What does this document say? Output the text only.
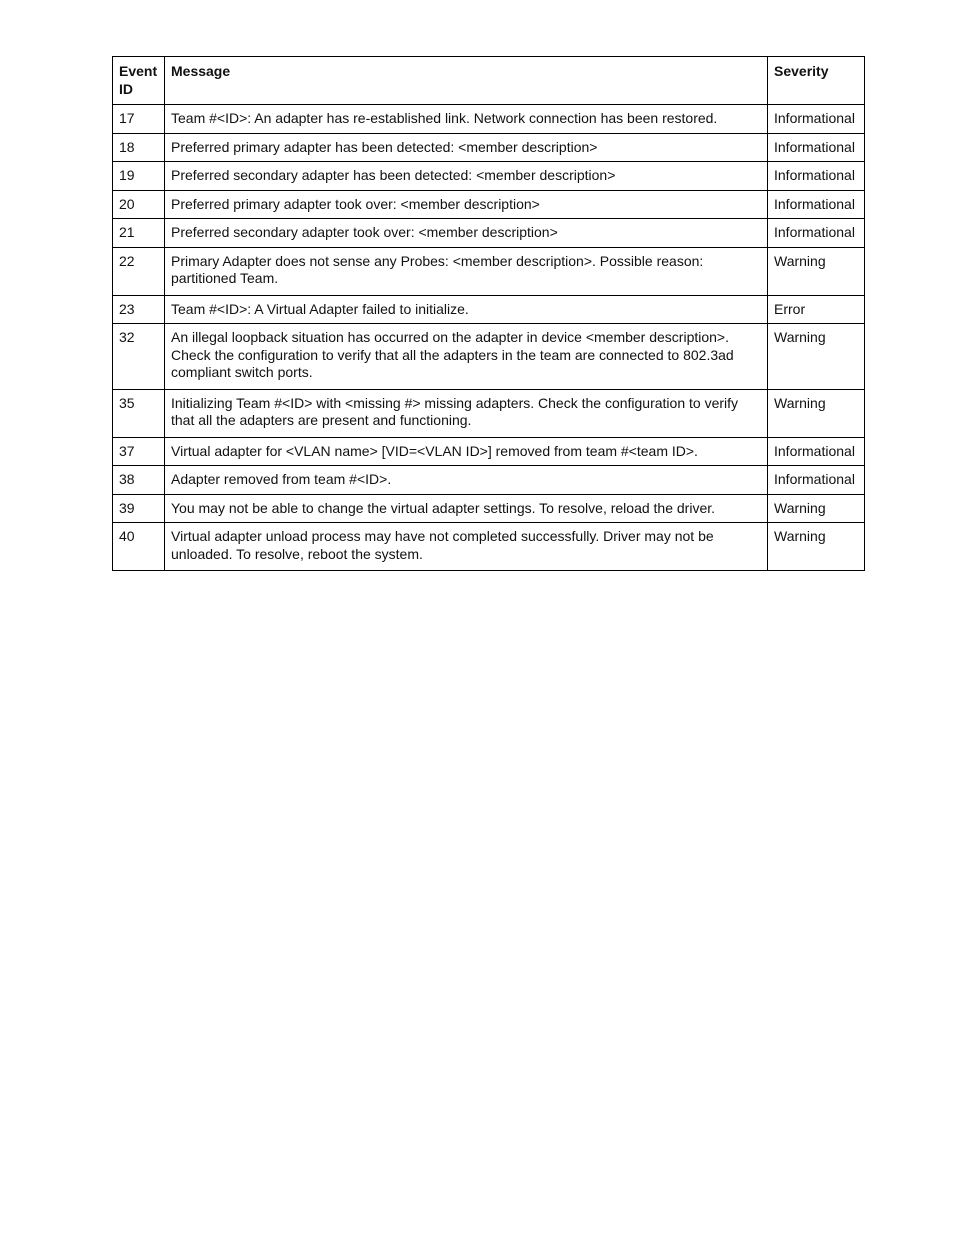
Event ID	Message	Severity
17	Team #<ID>: An adapter has re-established link. Network connection has been restored.	Informational
18	Preferred primary adapter has been detected: <member description>	Informational
19	Preferred secondary adapter has been detected: <member description>	Informational
20	Preferred primary adapter took over: <member description>	Informational
21	Preferred secondary adapter took over: <member description>	Informational
22	Primary Adapter does not sense any Probes: <member description>. Possible reason: partitioned Team.	Warning
23	Team #<ID>: A Virtual Adapter failed to initialize.	Error
32	An illegal loopback situation has occurred on the adapter in device <member description>. Check the configuration to verify that all the adapters in the team are connected to 802.3ad compliant switch ports.	Warning
35	Initializing Team #<ID> with <missing #> missing adapters. Check the configuration to verify that all the adapters are present and functioning.	Warning
37	Virtual adapter for <VLAN name> [VID=<VLAN ID>] removed from team #<team ID>.	Informational
38	Adapter removed from team #<ID>.	Informational
39	You may not be able to change the virtual adapter settings. To resolve, reload the driver.	Warning
40	Virtual adapter unload process may have not completed successfully. Driver may not be unloaded. To resolve, reboot the system.	Warning
